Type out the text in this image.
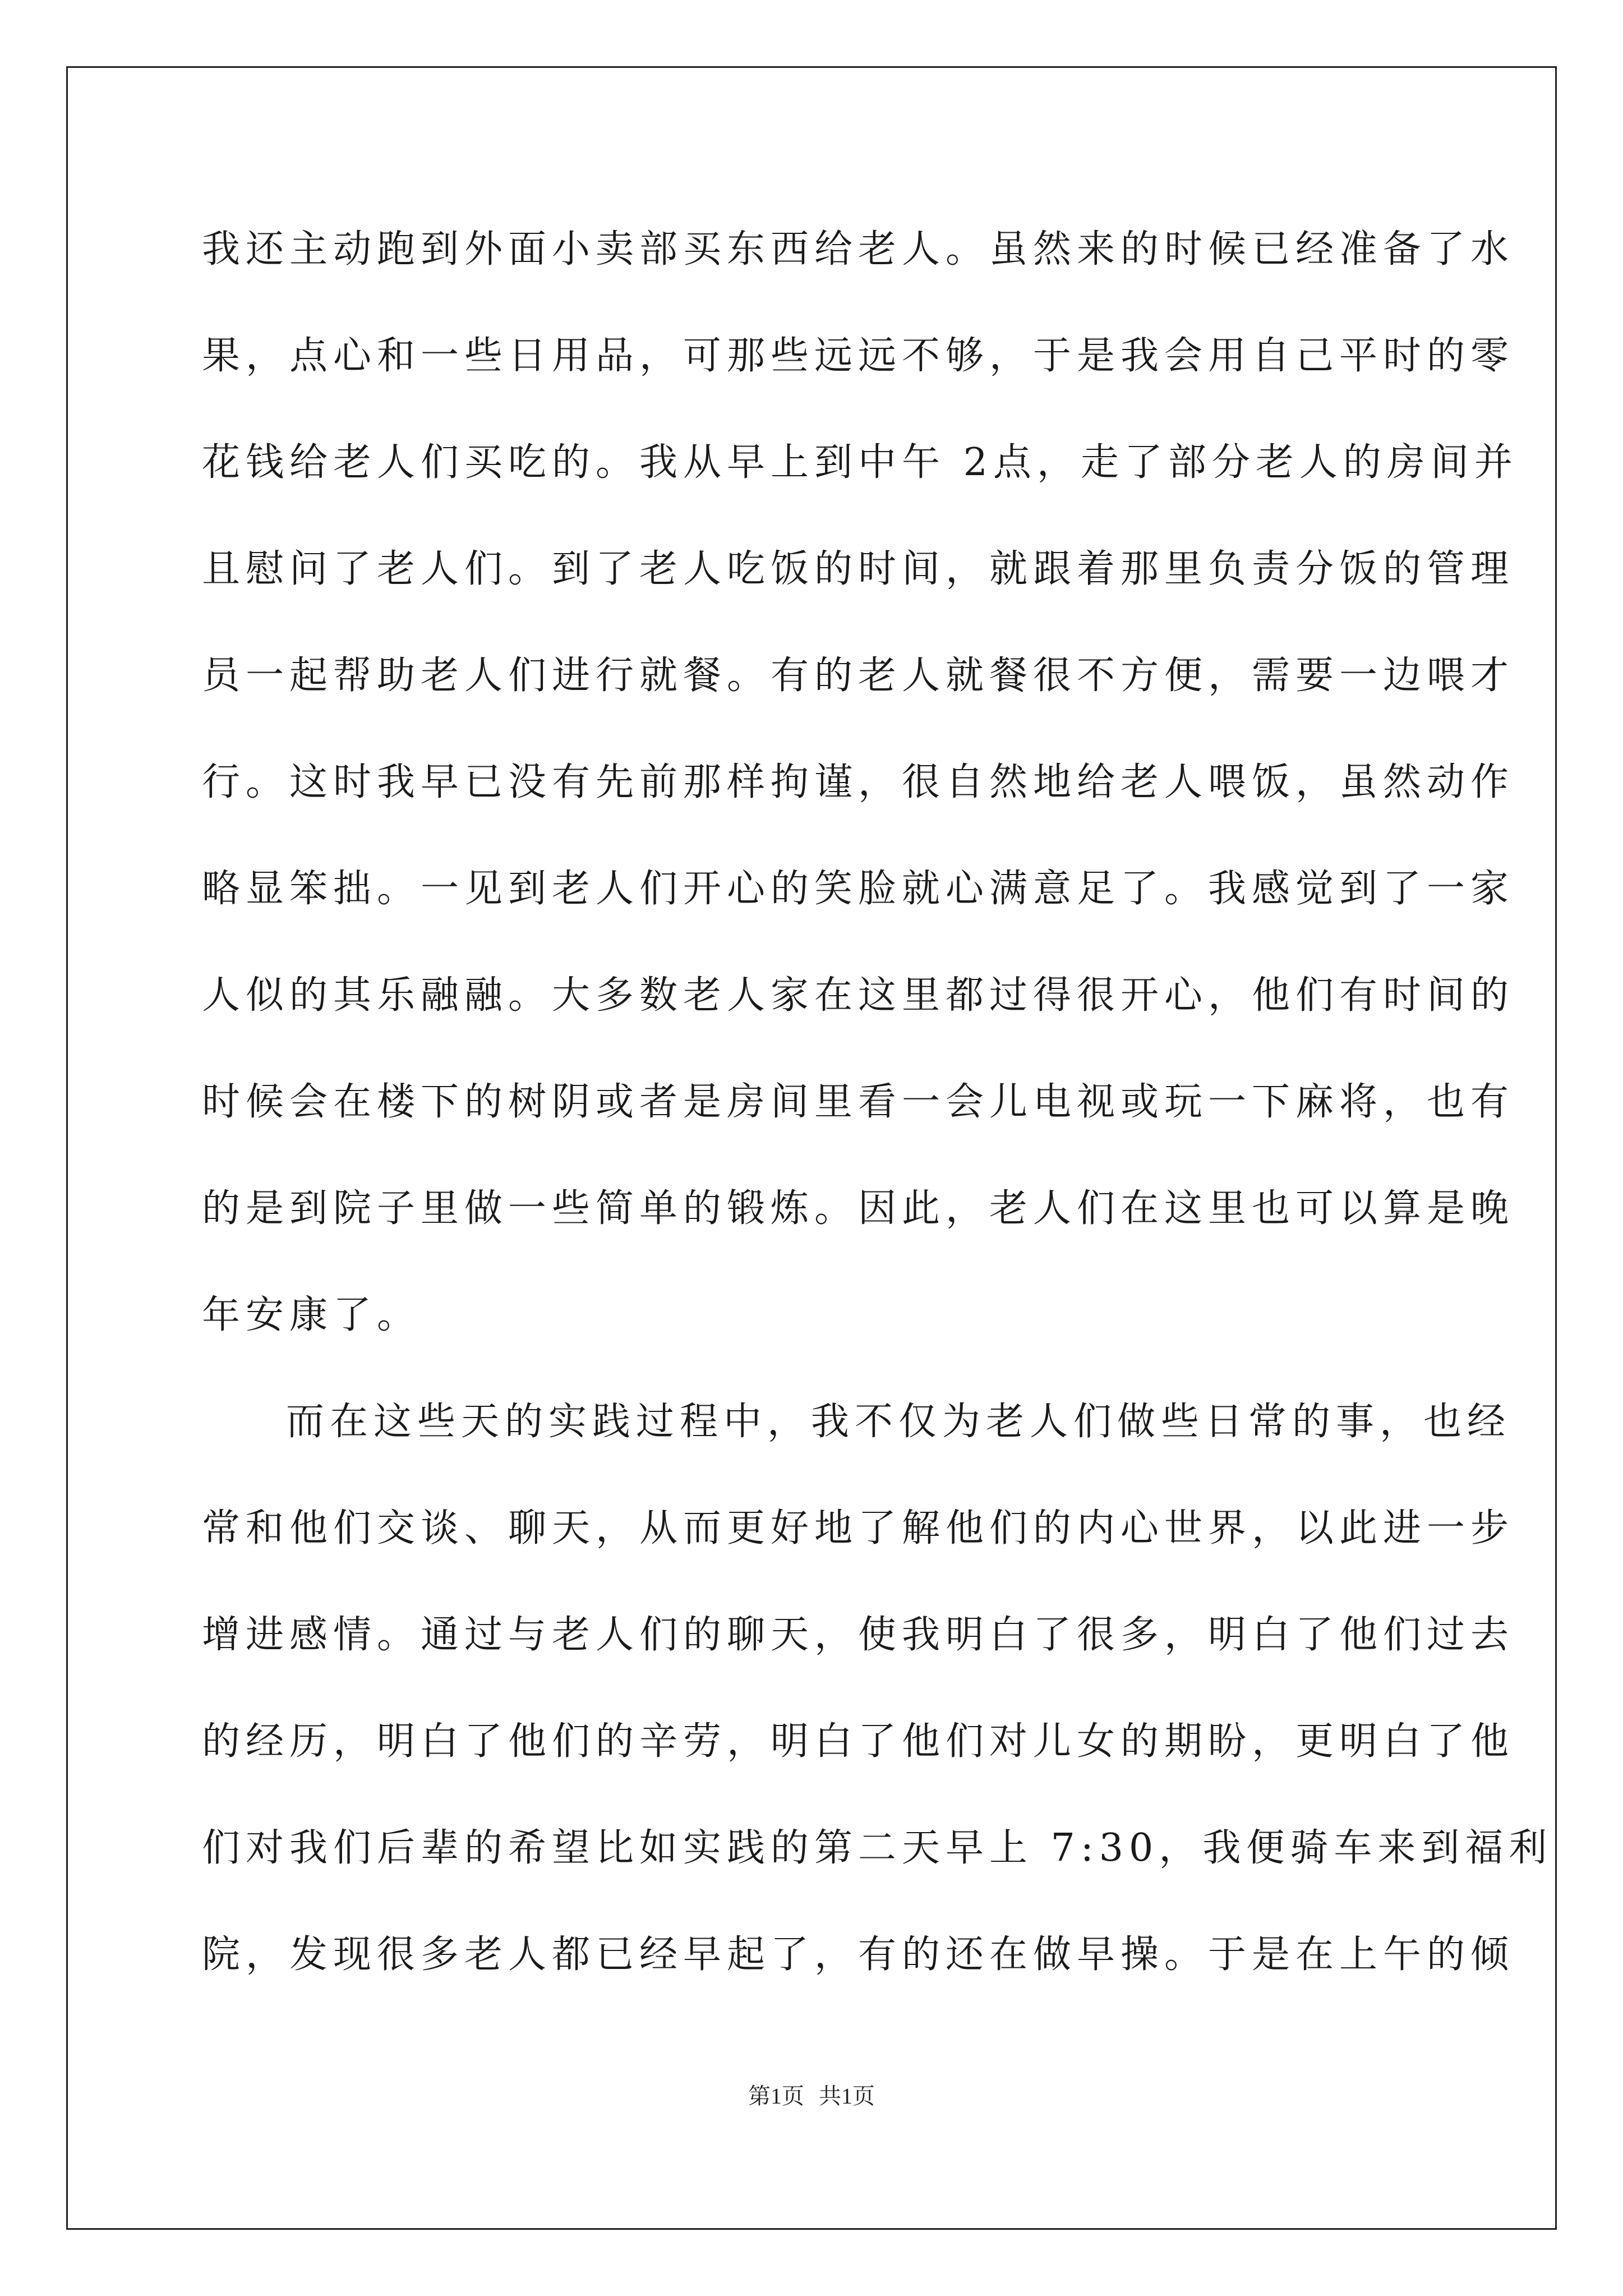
我还主动跑到外面小卖部买东西给老人。虽然来的时候已经准备了水
果，点心和一些日用品，可那些远远不够，于是我会用自己平时的零
花钱给老人们买吃的。我从早上到中午 2点，走了部分老人的房间并
且慰问了老人们。到了老人吃饭的时间，就跟着那里负责分饭的管理
员一起帮助老人们进行就餐。有的老人就餐很不方便，需要一边喂才
行。这时我早已没有先前那样拘谨，很自然地给老人喂饭，虽然动作
略显笨拙。一见到老人们开心的笑脸就心满意足了。我感觉到了一家
人似的其乐融融。大多数老人家在这里都过得很开心，他们有时间的
时候会在楼下的树阴或者是房间里看一会儿电视或玩一下麻将，也有
的是到院子里做一些简单的锻炼。因此，老人们在这里也可以算是晚
年安康了。
而在这些天的实践过程中，我不仅为老人们做些日常的事，也经
常和他们交谈、聊天，从而更好地了解他们的内心世界，以此进一步
增进感情。通过与老人们的聊天，使我明白了很多，明白了他们过去
的经历，明白了他们的辛劳，明白了他们对儿女的期盼，更明白了他
们对我们后辈的希望比如实践的第二天早上 7:30，我便骑车来到福利
院，发现很多老人都已经早起了，有的还在做早操。于是在上午的倾
第1页 共1页
